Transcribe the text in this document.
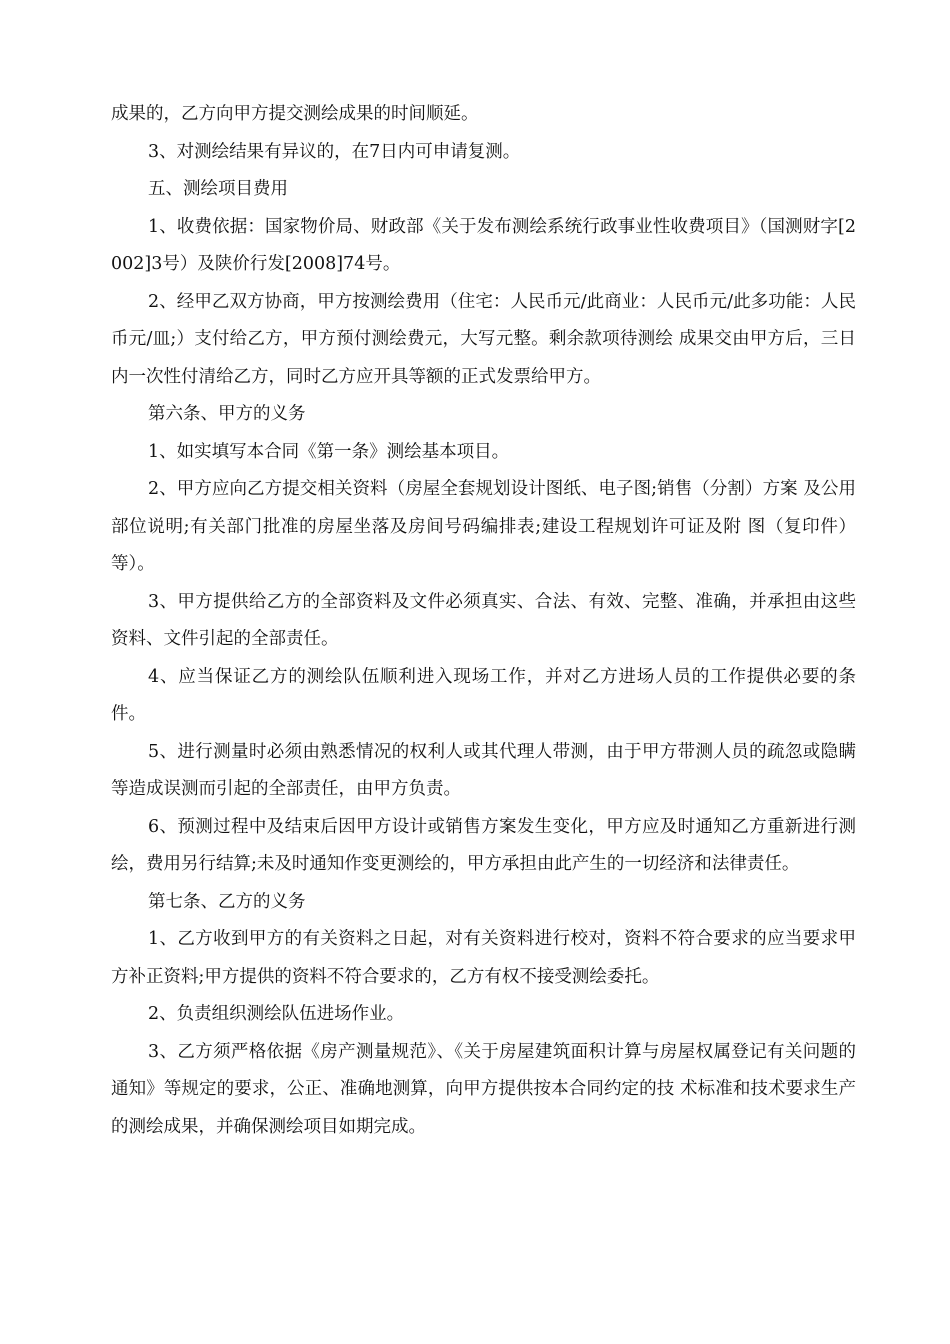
成果的，乙方向甲方提交测绘成果的时间顺延。

3、对测绘结果有异议的，在7日内可申请复测。

五、测绘项目费用

1、收费依据：国家物价局、财政部《关于发布测绘系统行政事业性收费项目》（国测财字[2002]3号）及陕价行发[2008]74号。

2、经甲乙双方协商，甲方按测绘费用（住宅：人民币元/此商业：人民币元/此多功能：人民币元/皿;）支付给乙方，甲方预付测绘费元，大写元整。剩余款项待测绘 成果交由甲方后，三日内一次性付清给乙方，同时乙方应开具等额的正式发票给甲方。

第六条、甲方的义务

1、如实填写本合同《第一条》测绘基本项目。

2、甲方应向乙方提交相关资料（房屋全套规划设计图纸、电子图;销售（分割）方案 及公用部位说明;有关部门批准的房屋坐落及房间号码编排表;建设工程规划许可证及附 图（复印件）等）。

3、甲方提供给乙方的全部资料及文件必须真实、合法、有效、完整、准确，并承担由这些资料、文件引起的全部责任。

4、应当保证乙方的测绘队伍顺利进入现场工作，并对乙方进场人员的工作提供必要的条件。

5、进行测量时必须由熟悉情况的权利人或其代理人带测，由于甲方带测人员的疏忽或隐瞒等造成误测而引起的全部责任，由甲方负责。

6、预测过程中及结束后因甲方设计或销售方案发生变化，甲方应及时通知乙方重新进行测绘，费用另行结算;未及时通知作变更测绘的，甲方承担由此产生的一切经济和法律责任。

第七条、乙方的义务

1、乙方收到甲方的有关资料之日起，对有关资料进行校对，资料不符合要求的应当要求甲方补正资料;甲方提供的资料不符合要求的，乙方有权不接受测绘委托。

2、负责组织测绘队伍进场作业。

3、乙方须严格依据《房产测量规范》、《关于房屋建筑面积计算与房屋权属登记有关问题的通知》等规定的要求，公正、准确地测算，向甲方提供按本合同约定的技 术标准和技术要求生产的测绘成果，并确保测绘项目如期完成。
